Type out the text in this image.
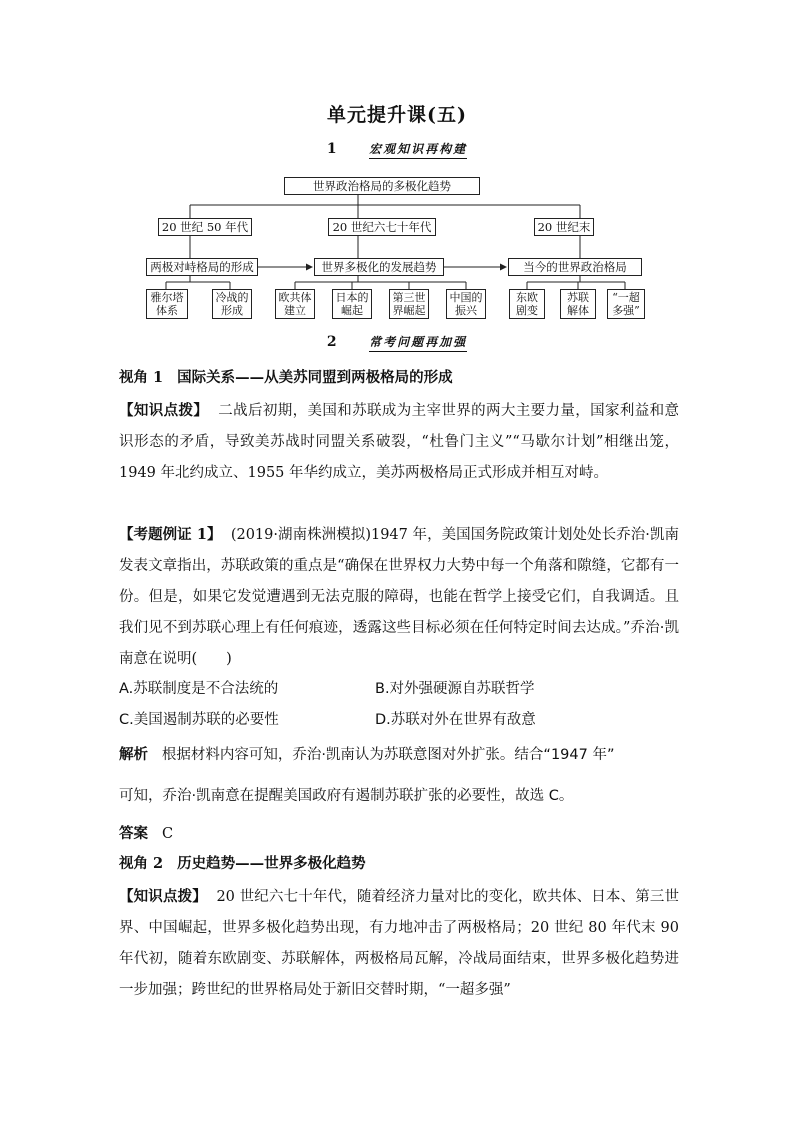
单元提升课(五)
1	宏观知识再构建
世界政治格局的多极化趋势
20 世纪 50 年代	20 世纪六七十年代	20 世纪末
两极对峙格局的形成	世界多极化的发展趋势	当今的世界政治格局
雅尔塔
体系
冷战的
形成
欧共体
建立
日本的
崛起
第三世
界崛起
中国的
振兴
东欧
剧变
苏联
解体
“一超
多强”
2	常考问题再加强
视角 1 国际关系——从美苏同盟到两极格局的形成
【知识点拨】 二战后初期，美国和苏联成为主宰世界的两大主要力量，国家利益和意识形态的矛盾，导致美苏战时同盟关系破裂，“杜鲁门主义”“马歇尔计划”相继出笼，1949 年北约成立、1955 年华约成立，美苏两极格局正式形成并相互对峙。
【考题例证 1】 (2019·湖南株洲模拟)1947 年，美国国务院政策计划处处长乔治·凯南发表文章指出，苏联政策的重点是“确保在世界权力大势中每一个角落和隙缝，它都有一份。但是，如果它发觉遭遇到无法克服的障碍，也能在哲学上接受它们，自我调适。且我们见不到苏联心理上有任何痕迹，透露这些目标必须在任何特定时间去达成。”乔治·凯南意在说明(　　)
A.苏联制度是不合法统的	B.对外强硬源自苏联哲学
C.美国遏制苏联的必要性	D.苏联对外在世界有敌意
解析 根据材料内容可知，乔治·凯南认为苏联意图对外扩张。结合“1947 年”
可知，乔治·凯南意在提醒美国政府有遏制苏联扩张的必要性，故选 C。
答案 C
视角 2 历史趋势——世界多极化趋势
【知识点拨】 20 世纪六七十年代，随着经济力量对比的变化，欧共体、日本、第三世界、中国崛起，世界多极化趋势出现，有力地冲击了两极格局；20 世纪 80 年代末 90 年代初，随着东欧剧变、苏联解体，两极格局瓦解，冷战局面结束，世界多极化趋势进一步加强；跨世纪的世界格局处于新旧交替时期，“一超多强”
